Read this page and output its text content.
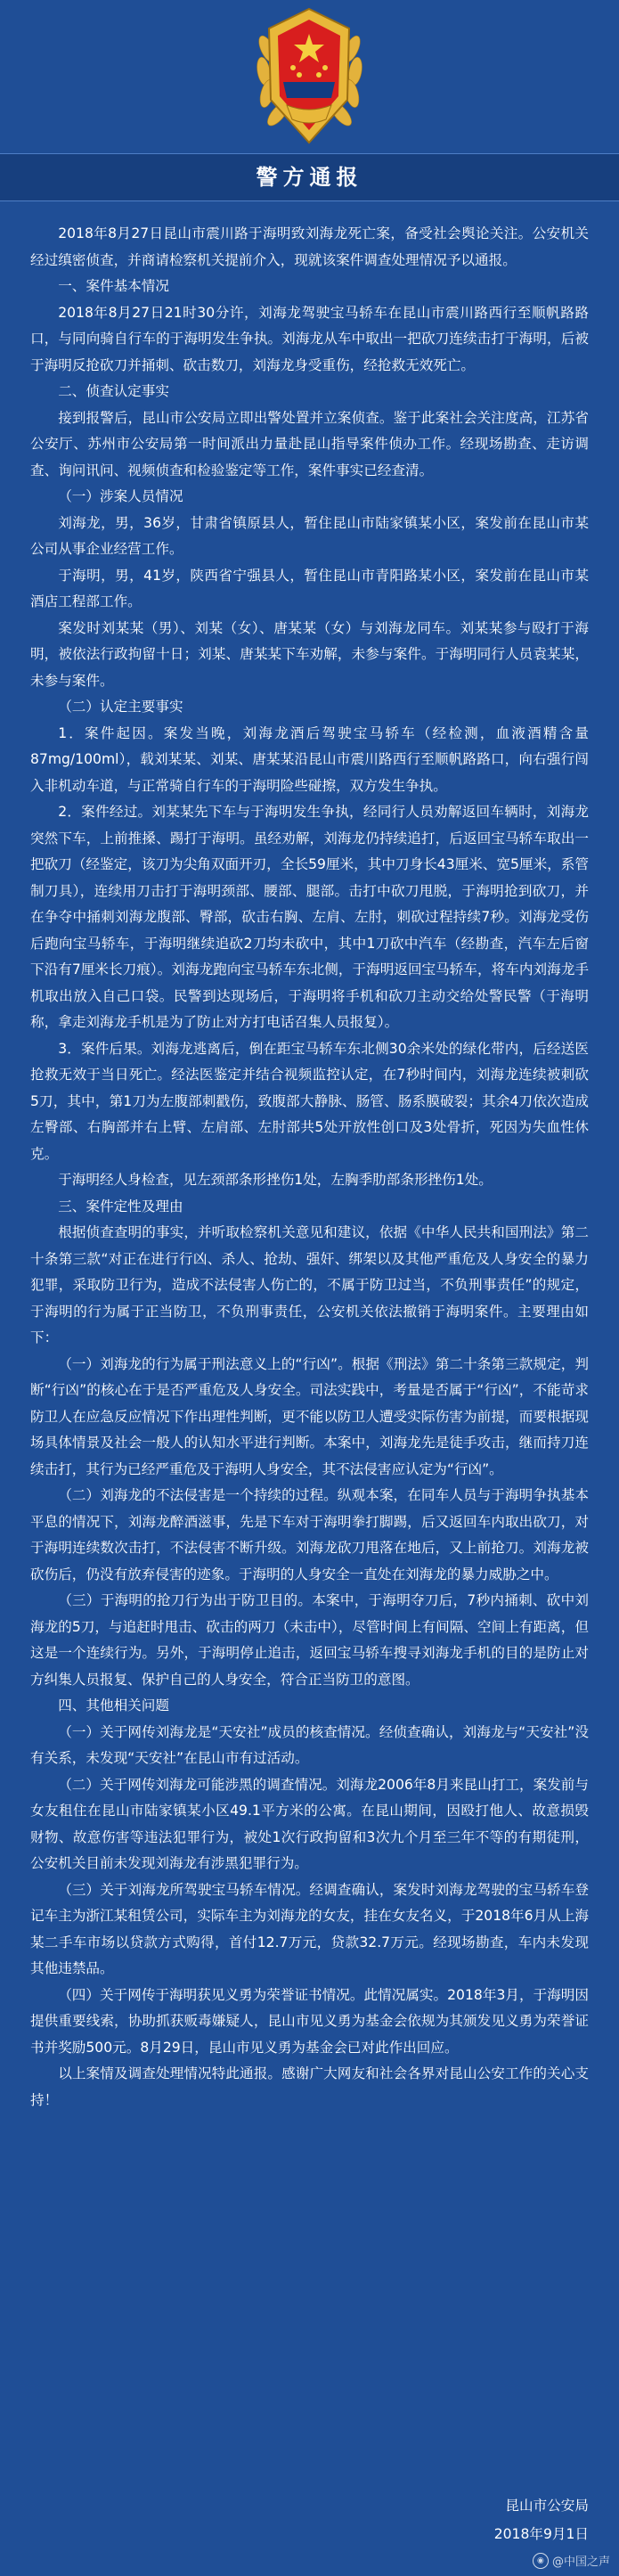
警方通报

2018年8月27日昆山市震川路于海明致刘海龙死亡案，备受社会舆论关注。公安机关经过缜密侦查，并商请检察机关提前介入，现就该案件调查处理情况予以通报。

一、案件基本情况

2018年8月27日21时30分许，刘海龙驾驶宝马轿车在昆山市震川路西行至顺帆路路口，与同向骑自行车的于海明发生争执。刘海龙从车中取出一把砍刀连续击打于海明，后被于海明反抢砍刀并捅刺、砍击数刀，刘海龙身受重伤，经抢救无效死亡。

二、侦查认定事实

接到报警后，昆山市公安局立即出警处置并立案侦查。鉴于此案社会关注度高，江苏省公安厅、苏州市公安局第一时间派出力量赴昆山指导案件侦办工作。经现场勘查、走访调查、询问讯问、视频侦查和检验鉴定等工作，案件事实已经查清。

（一）涉案人员情况

刘海龙，男，36岁，甘肃省镇原县人，暂住昆山市陆家镇某小区，案发前在昆山市某公司从事企业经营工作。

于海明，男，41岁，陕西省宁强县人，暂住昆山市青阳路某小区，案发前在昆山市某酒店工程部工作。

案发时刘某某（男）、刘某（女）、唐某某（女）与刘海龙同车。刘某某参与殴打于海明，被依法行政拘留十日；刘某、唐某某下车劝解，未参与案件。于海明同行人员袁某某，未参与案件。

（二）认定主要事实

1．案件起因。案发当晚，刘海龙酒后驾驶宝马轿车（经检测，血液酒精含量87mg/100ml），载刘某某、刘某、唐某某沿昆山市震川路西行至顺帆路路口，向右强行闯入非机动车道，与正常骑自行车的于海明险些碰擦，双方发生争执。

2．案件经过。刘某某先下车与于海明发生争执，经同行人员劝解返回车辆时，刘海龙突然下车，上前推搡、踢打于海明。虽经劝解，刘海龙仍持续追打，后返回宝马轿车取出一把砍刀（经鉴定，该刀为尖角双面开刃，全长59厘米，其中刀身长43厘米、宽5厘米，系管制刀具），连续用刀击打于海明颈部、腰部、腿部。击打中砍刀甩脱，于海明抢到砍刀，并在争夺中捅刺刘海龙腹部、臀部，砍击右胸、左肩、左肘，刺砍过程持续7秒。刘海龙受伤后跑向宝马轿车，于海明继续追砍2刀均未砍中，其中1刀砍中汽车（经勘查，汽车左后窗下沿有7厘米长刀痕）。刘海龙跑向宝马轿车东北侧，于海明返回宝马轿车，将车内刘海龙手机取出放入自己口袋。民警到达现场后，于海明将手机和砍刀主动交给处警民警（于海明称，拿走刘海龙手机是为了防止对方打电话召集人员报复）。

3．案件后果。刘海龙逃离后，倒在距宝马轿车东北侧30余米处的绿化带内，后经送医抢救无效于当日死亡。经法医鉴定并结合视频监控认定，在7秒时间内，刘海龙连续被刺砍5刀，其中，第1刀为左腹部刺戳伤，致腹部大静脉、肠管、肠系膜破裂；其余4刀依次造成左臀部、右胸部并右上臂、左肩部、左肘部共5处开放性创口及3处骨折，死因为失血性休克。

于海明经人身检查，见左颈部条形挫伤1处，左胸季肋部条形挫伤1处。

三、案件定性及理由

根据侦查查明的事实，并听取检察机关意见和建议，依据《中华人民共和国刑法》第二十条第三款“对正在进行行凶、杀人、抢劫、强奸、绑架以及其他严重危及人身安全的暴力犯罪，采取防卫行为，造成不法侵害人伤亡的，不属于防卫过当，不负刑事责任”的规定，于海明的行为属于正当防卫，不负刑事责任，公安机关依法撤销于海明案件。主要理由如下：

（一）刘海龙的行为属于刑法意义上的“行凶”。根据《刑法》第二十条第三款规定，判断“行凶”的核心在于是否严重危及人身安全。司法实践中，考量是否属于“行凶”，不能苛求防卫人在应急反应情况下作出理性判断，更不能以防卫人遭受实际伤害为前提，而要根据现场具体情景及社会一般人的认知水平进行判断。本案中，刘海龙先是徒手攻击，继而持刀连续击打，其行为已经严重危及于海明人身安全，其不法侵害应认定为“行凶”。

（二）刘海龙的不法侵害是一个持续的过程。纵观本案，在同车人员与于海明争执基本平息的情况下，刘海龙醉酒滋事，先是下车对于海明拳打脚踢，后又返回车内取出砍刀，对于海明连续数次击打，不法侵害不断升级。刘海龙砍刀甩落在地后，又上前抢刀。刘海龙被砍伤后，仍没有放弃侵害的迹象。于海明的人身安全一直处在刘海龙的暴力威胁之中。

（三）于海明的抢刀行为出于防卫目的。本案中，于海明夺刀后，7秒内捅刺、砍中刘海龙的5刀，与追赶时甩击、砍击的两刀（未击中），尽管时间上有间隔、空间上有距离，但这是一个连续行为。另外，于海明停止追击，返回宝马轿车搜寻刘海龙手机的目的是防止对方纠集人员报复、保护自己的人身安全，符合正当防卫的意图。

四、其他相关问题

（一）关于网传刘海龙是“天安社”成员的核查情况。经侦查确认，刘海龙与“天安社”没有关系，未发现“天安社”在昆山市有过活动。

（二）关于网传刘海龙可能涉黑的调查情况。刘海龙2006年8月来昆山打工，案发前与女友租住在昆山市陆家镇某小区49.1平方米的公寓。在昆山期间，因殴打他人、故意损毁财物、故意伤害等违法犯罪行为，被处1次行政拘留和3次九个月至三年不等的有期徒刑，公安机关目前未发现刘海龙有涉黑犯罪行为。

（三）关于刘海龙所驾驶宝马轿车情况。经调查确认，案发时刘海龙驾驶的宝马轿车登记车主为浙江某租赁公司，实际车主为刘海龙的女友，挂在女友名义，于2018年6月从上海某二手车市场以贷款方式购得，首付12.7万元，贷款32.7万元。经现场勘查，车内未发现其他违禁品。

（四）关于网传于海明获见义勇为荣誉证书情况。此情况属实。2018年3月，于海明因提供重要线索，协助抓获贩毒嫌疑人，昆山市见义勇为基金会依规为其颁发见义勇为荣誉证书并奖励500元。8月29日，昆山市见义勇为基金会已对此作出回应。

以上案情及调查处理情况特此通报。感谢广大网友和社会各界对昆山公安工作的关心支持！

昆山市公安局
2018年9月1日
◉ @中国之声
